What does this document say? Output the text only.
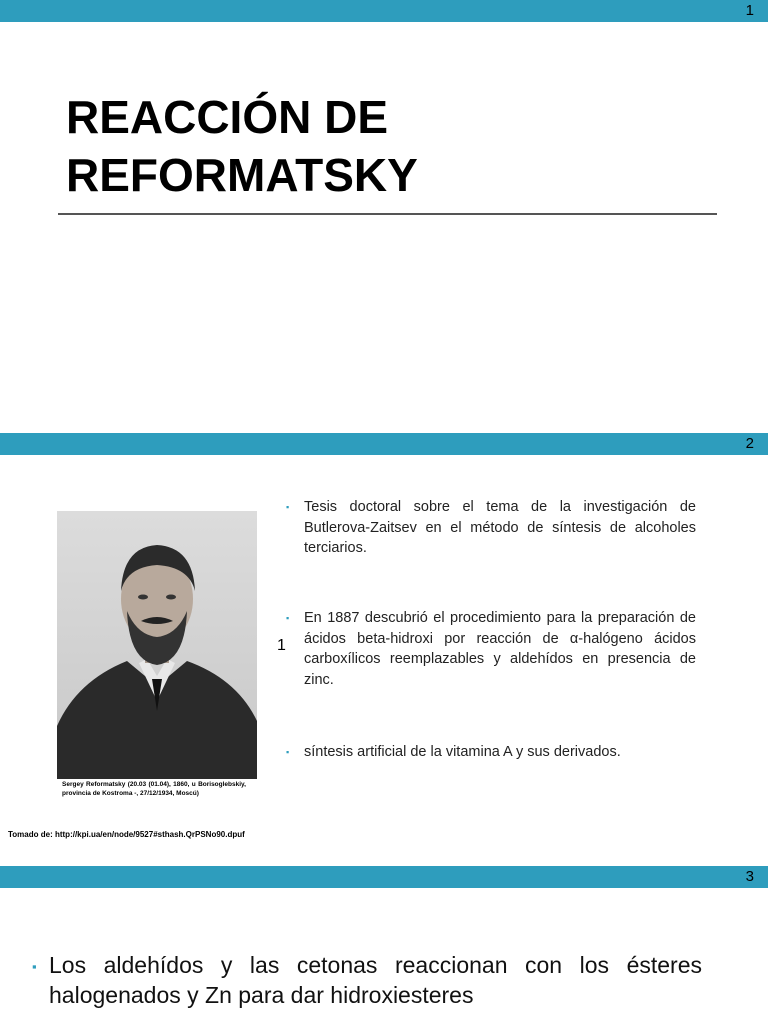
1
REACCIÓN DE
REFORMATSKY
2
Sergey Reformatsky (20.03 (01.04), 1860, u Borisoglebskiy, provincia de Kostroma -‚ 27/12/1934, Moscú)
Tomado de: http://kpi.ua/en/node/9527#sthash.QrPSNo90.dpuf
1
▪ Tesis doctoral sobre el tema de la investigación de Butlerova-Zaitsev en el método de síntesis de alcoholes terciarios.
▪ En 1887 descubrió el procedimiento para la preparación de ácidos beta-hidroxi por reacción de α-halógeno ácidos carboxílicos reemplazables y aldehídos en presencia de zinc.
▪ síntesis artificial de la vitamina A y sus derivados.
3
▪ Los aldehídos y las cetonas reaccionan con los ésteres halogenados y Zn para dar hidroxiesteres
